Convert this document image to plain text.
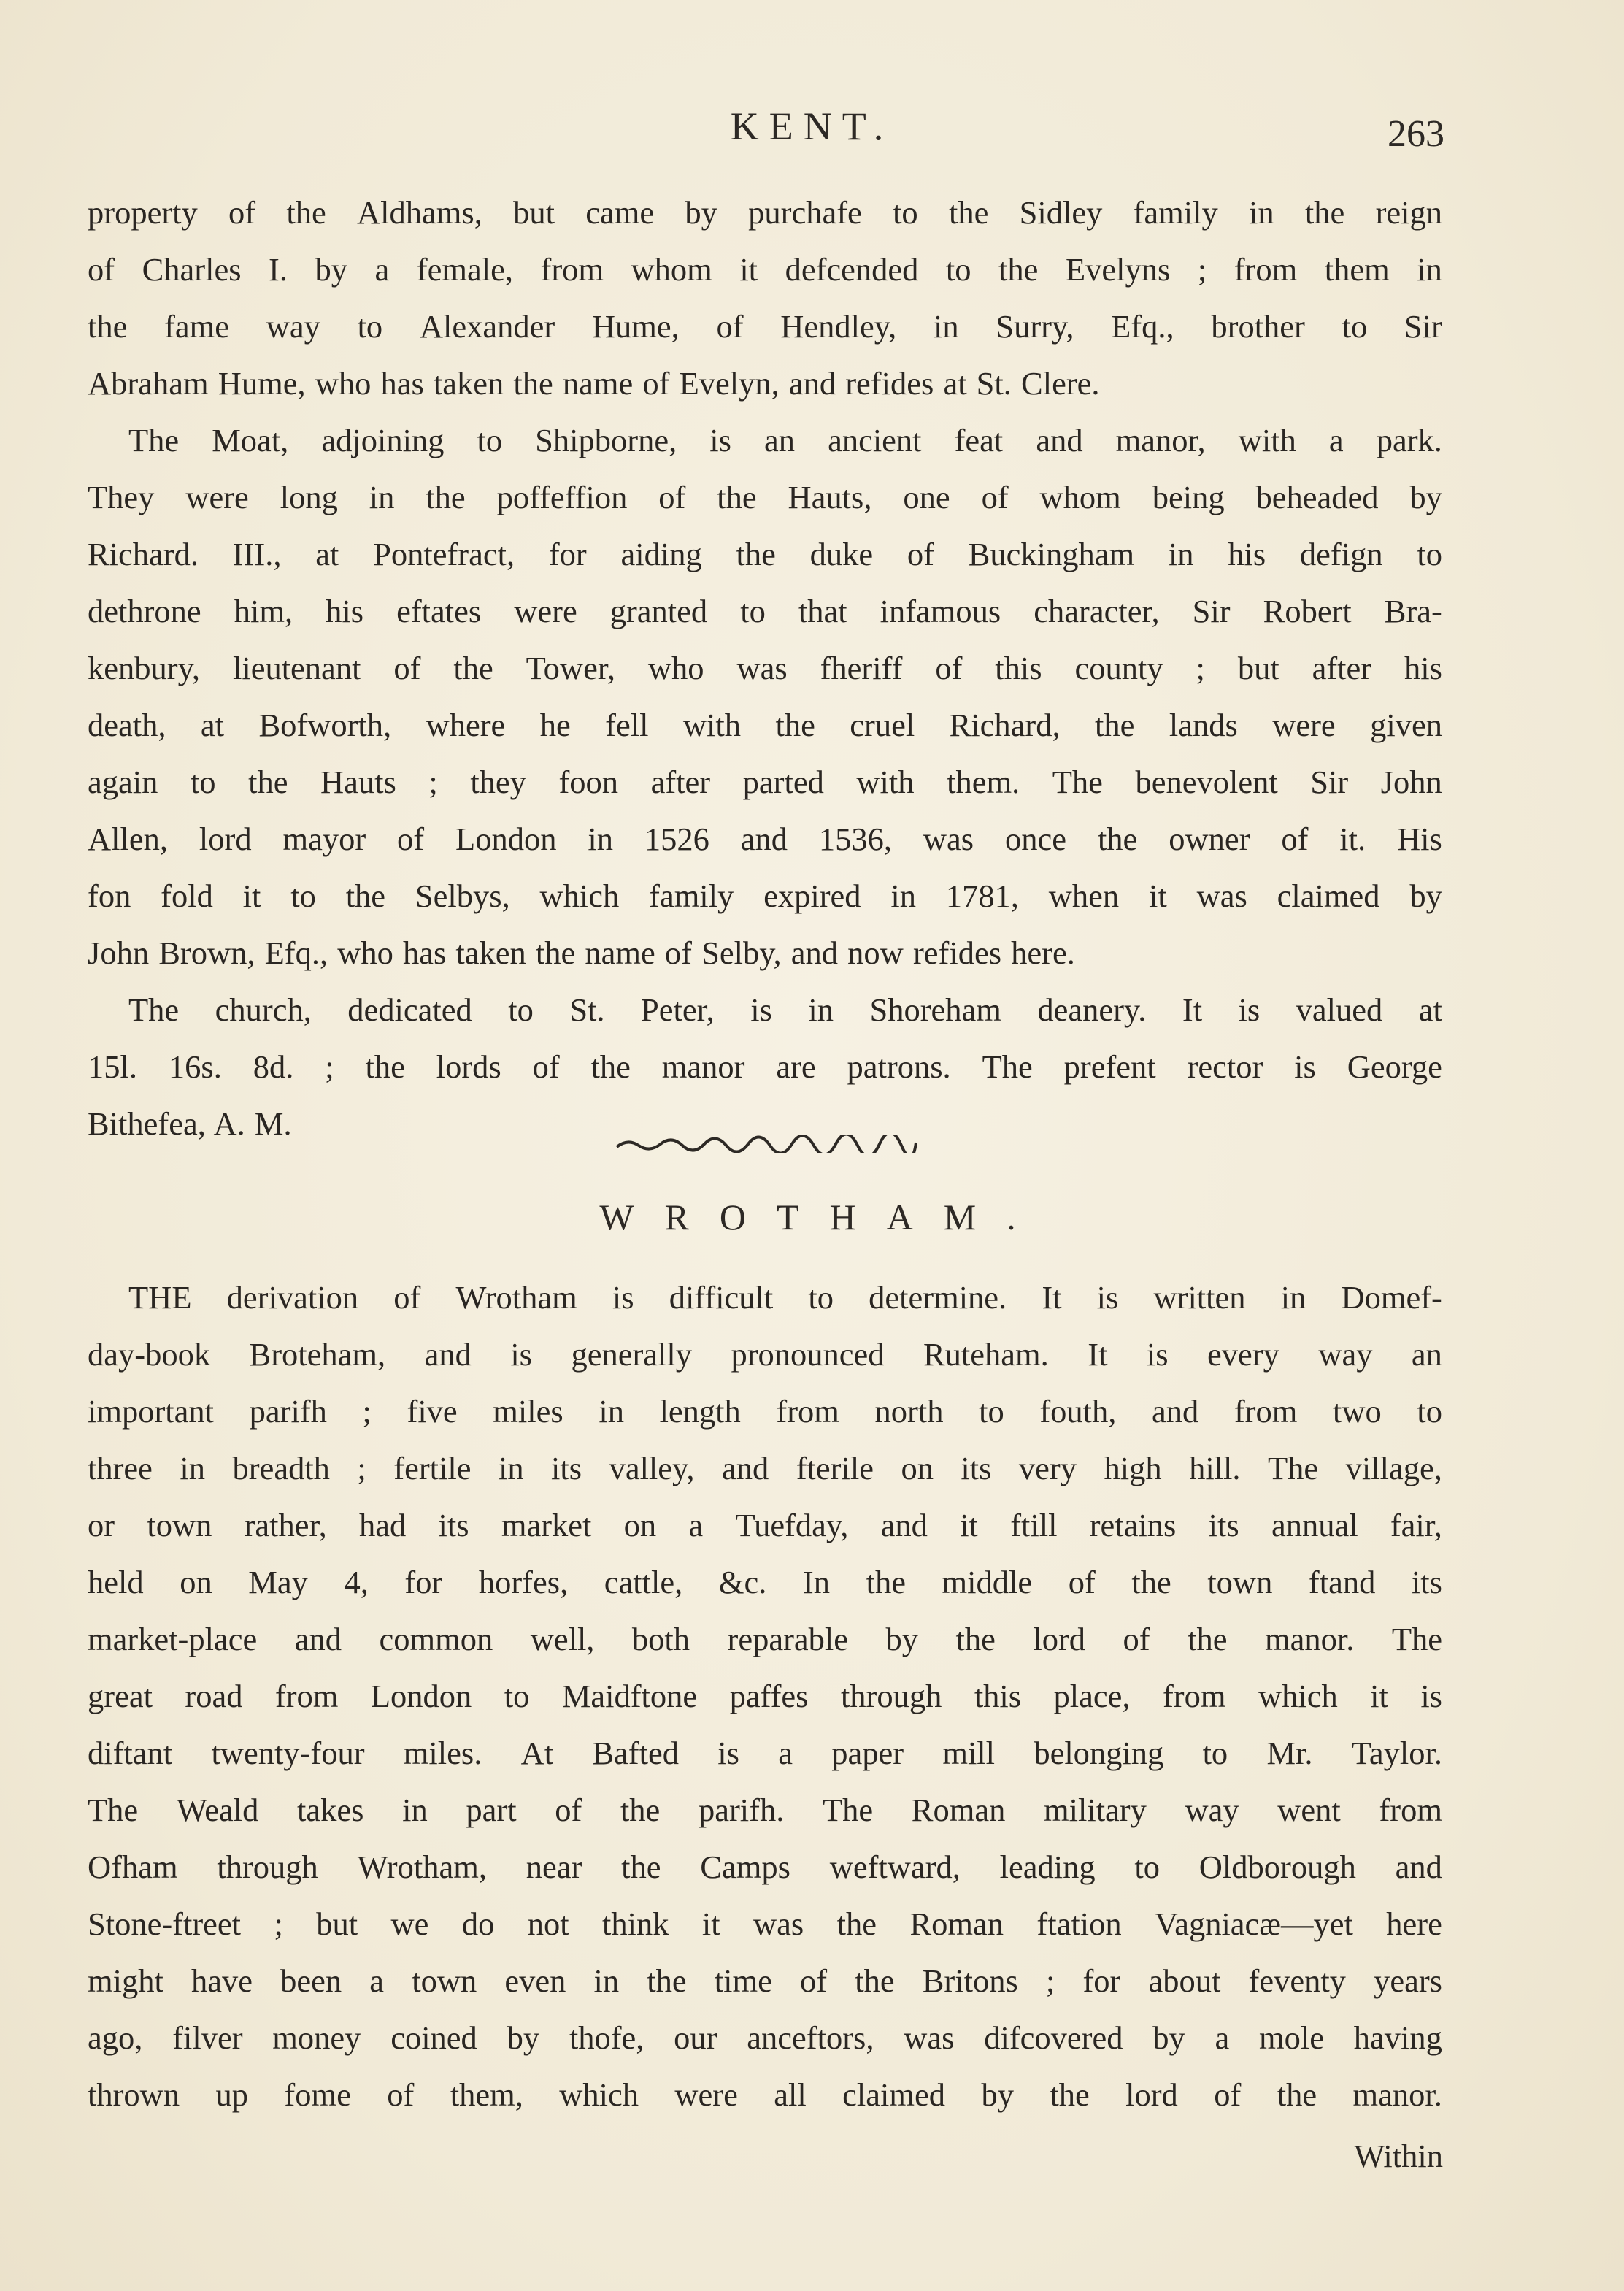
KENT.	263
property of the Aldhams, but came by purchafe to the Sidley family in the reign
of Charles I. by a female, from whom it defcended to the Evelyns ; from them in
the fame way to Alexander Hume, of Hendley, in Surry, Efq., brother to Sir
Abraham Hume, who has taken the name of Evelyn, and refides at St. Clere.
The Moat, adjoining to Shipborne, is an ancient feat and manor, with a park.
They were long in the poffeffion of the Hauts, one of whom being beheaded by
Richard. III., at Pontefract, for aiding the duke of Buckingham in his defign to
dethrone him, his eftates were granted to that infamous character, Sir Robert Bra-
kenbury, lieutenant of the Tower, who was fheriff of this county ; but after his
death, at Bofworth, where he fell with the cruel Richard, the lands were given
again to the Hauts ; they foon after parted with them. The benevolent Sir John
Allen, lord mayor of London in 1526 and 1536, was once the owner of it. His
fon fold it to the Selbys, which family expired in 1781, when it was claimed by
John Brown, Efq., who has taken the name of Selby, and now refides here.
The church, dedicated to St. Peter, is in Shoreham deanery. It is valued at
15l. 16s. 8d. ; the lords of the manor are patrons. The prefent rector is George
Bithefea, A. M.
WROTHAM.
THE derivation of Wrotham is difficult to determine. It is written in Domef-
day-book Broteham, and is generally pronounced Ruteham. It is every way an
important parifh ; five miles in length from north to fouth, and from two to
three in breadth ; fertile in its valley, and fterile on its very high hill. The village,
or town rather, had its market on a Tuefday, and it ftill retains its annual fair,
held on May 4, for horfes, cattle, &c. In the middle of the town ftand its
market-place and common well, both reparable by the lord of the manor. The
great road from London to Maidftone paffes through this place, from which it is
diftant twenty-four miles. At Bafted is a paper mill belonging to Mr. Taylor.
The Weald takes in part of the parifh. The Roman military way went from
Ofham through Wrotham, near the Camps weftward, leading to Oldborough and
Stone-ftreet ; but we do not think it was the Roman ftation Vagniacæ—yet here
might have been a town even in the time of the Britons ; for about feventy years
ago, filver money coined by thofe, our anceftors, was difcovered by a mole having
thrown up fome of them, which were all claimed by the lord of the manor.
Within
